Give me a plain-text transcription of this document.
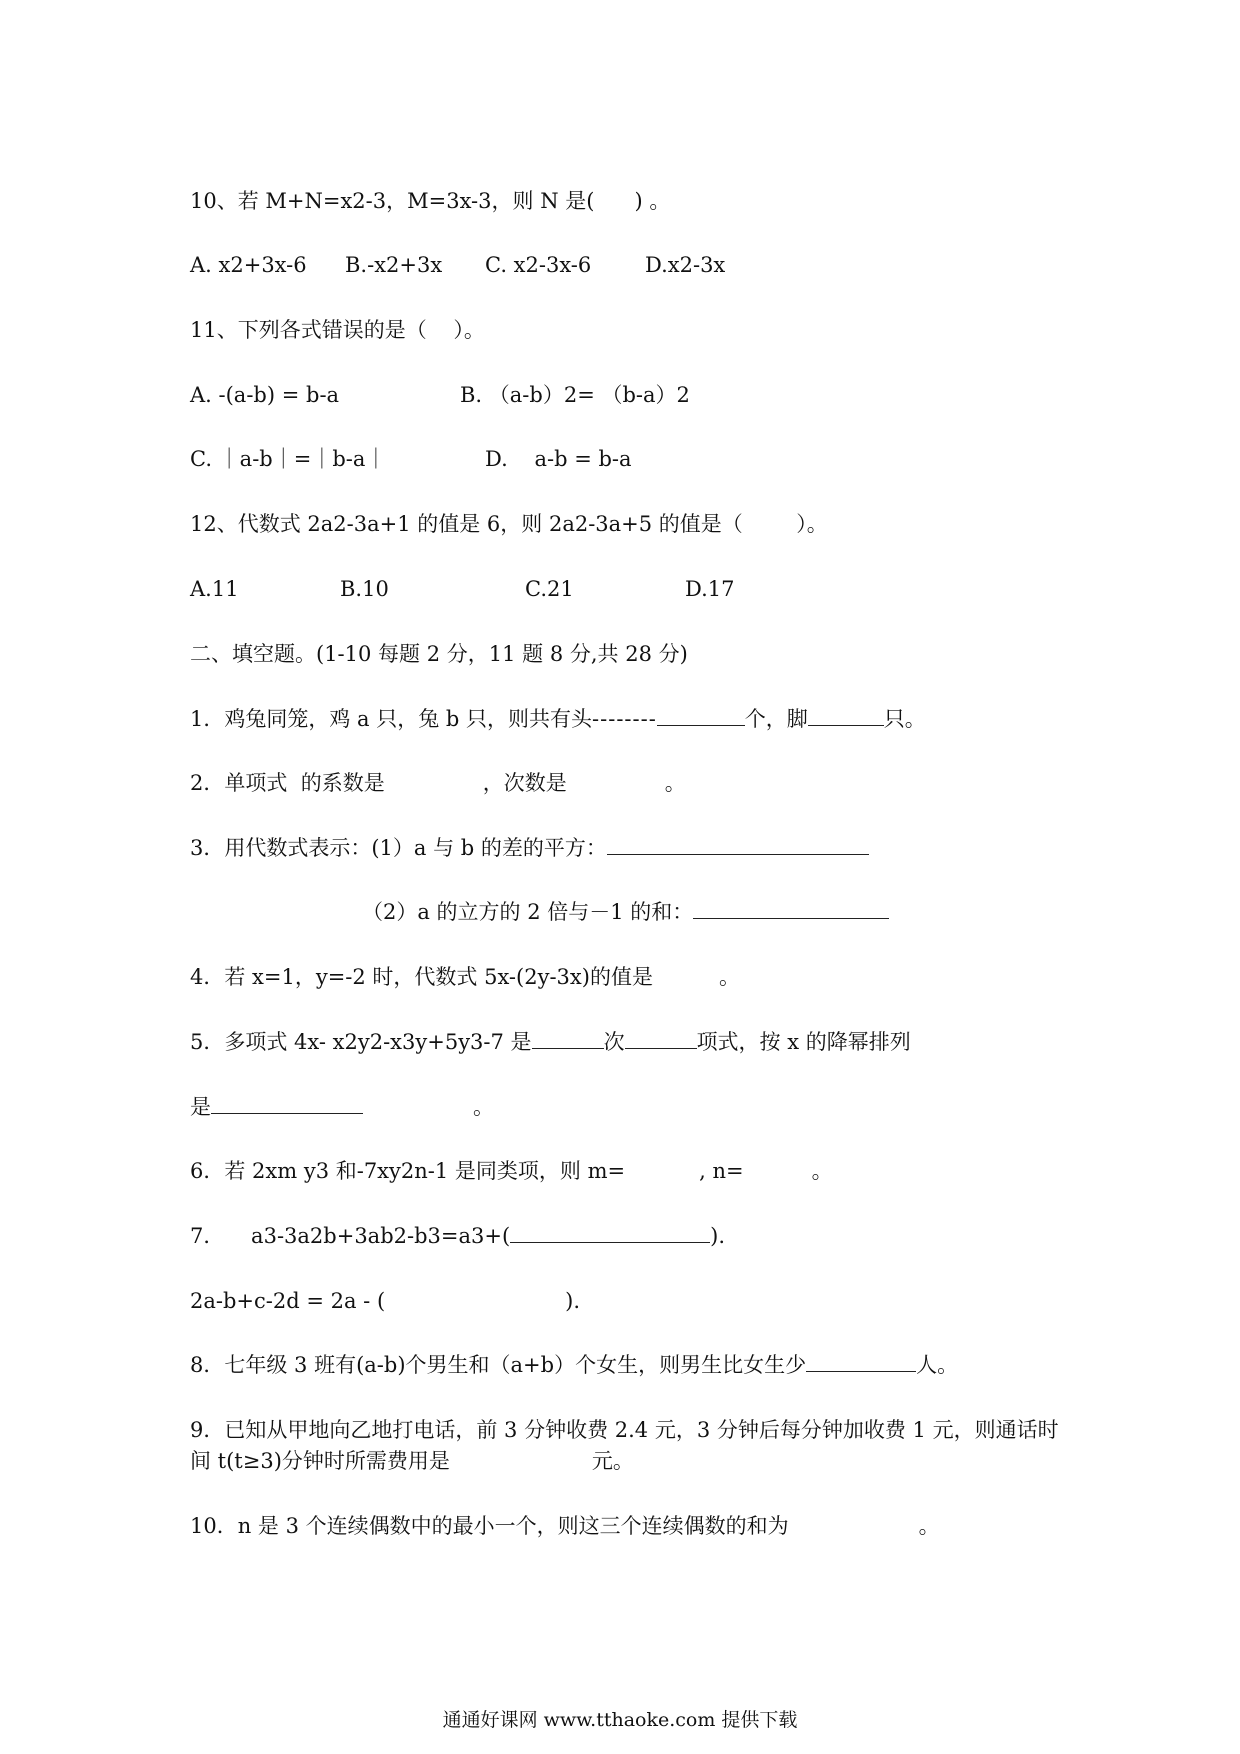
10、若 M+N=x2-3，M=3x-3，则 N 是(      ) 。

A. x2+3x-6 B.-x2+3x C. x2-3x-6	D.x2-3x

11、下列各式错误的是（    ）。

A. -(a-b) = b-a	B. （a-b）2= （b-a）2
C. ｜a-b｜=｜b-a｜	D.    a-b = b-a

12、代数式 2a2-3a+1 的值是 6，则 2a2-3a+5 的值是（        ）。

A.11	B.10	C.21	D.17

二、填空题。(1-10 每题 2 分，11 题 8 分,共 28 分)

1．鸡兔同笼，鸡 a 只，兔 b 只，则共有头--------	个，脚	只。

2．单项式  的系数是	，次数是	。

3．用代数式表示：(1）a 与 b 的差的平方：

（2）a 的立方的 2 倍与－1 的和：

4．若 x=1，y=-2 时，代数式 5x-(2y-3x)的值是	。

5．多项式 4x- x2y2-x3y+5y3-7 是	次	项式，按 x 的降幂排列

是	。

6．若 2xm y3 和-7xy2n-1 是同类项，则 m=	, n=	。

7．    a3-3a2b+3ab2-b3=a3+(	).

2a-b+c-2d = 2a - (	).

8．七年级 3 班有(a-b)个男生和（a+b）个女生，则男生比女生少	人。

9．已知从甲地向乙地打电话，前 3 分钟收费 2.4 元，3 分钟后每分钟加收费 1 元，则通话时

间 t(t≥3)分钟时所需费用是	元。

10．n 是 3 个连续偶数中的最小一个，则这三个连续偶数的和为	。

通通好课网 www.tthaoke.com 提供下载
